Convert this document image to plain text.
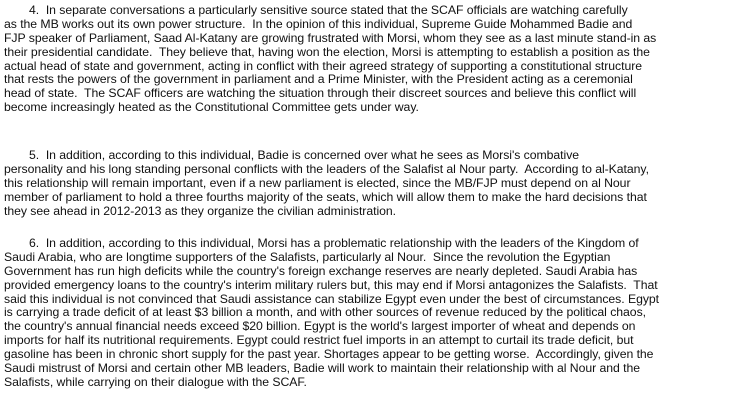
4.  In separate conversations a particularly sensitive source stated that the SCAF officials are watching carefully
as the MB works out its own power structure.  In the opinion of this individual, Supreme Guide Mohammed Badie and
FJP speaker of Parliament, Saad Al-Katany are growing frustrated with Morsi, whom they see as a last minute stand-in as
their presidential candidate.  They believe that, having won the election, Morsi is attempting to establish a position as the
actual head of state and government, acting in conflict with their agreed strategy of supporting a constitutional structure
that rests the powers of the government in parliament and a Prime Minister, with the President acting as a ceremonial
head of state.  The SCAF officers are watching the situation through their discreet sources and believe this conflict will
become increasingly heated as the Constitutional Committee gets under way.
5.  In addition, according to this individual, Badie is concerned over what he sees as Morsi's combative
personality and his long standing personal conflicts with the leaders of the Salafist al Nour party.  According to al-Katany,
this relationship will remain important, even if a new parliament is elected, since the MB/FJP must depend on al Nour
member of parliament to hold a three fourths majority of the seats, which will allow them to make the hard decisions that
they see ahead in 2012-2013 as they organize the civilian administration.
6.  In addition, according to this individual, Morsi has a problematic relationship with the leaders of the Kingdom of
Saudi Arabia, who are longtime supporters of the Salafists, particularly al Nour.  Since the revolution the Egyptian
Government has run high deficits while the country's foreign exchange reserves are nearly depleted. Saudi Arabia has
provided emergency loans to the country's interim military rulers but, this may end if Morsi antagonizes the Salafists.  That
said this individual is not convinced that Saudi assistance can stabilize Egypt even under the best of circumstances. Egypt
is carrying a trade deficit of at least $3 billion a month, and with other sources of revenue reduced by the political chaos,
the country's annual financial needs exceed $20 billion. Egypt is the world's largest importer of wheat and depends on
imports for half its nutritional requirements. Egypt could restrict fuel imports in an attempt to curtail its trade deficit, but
gasoline has been in chronic short supply for the past year. Shortages appear to be getting worse.  Accordingly, given the
Saudi mistrust of Morsi and certain other MB leaders, Badie will work to maintain their relationship with al Nour and the
Salafists, while carrying on their dialogue with the SCAF.
